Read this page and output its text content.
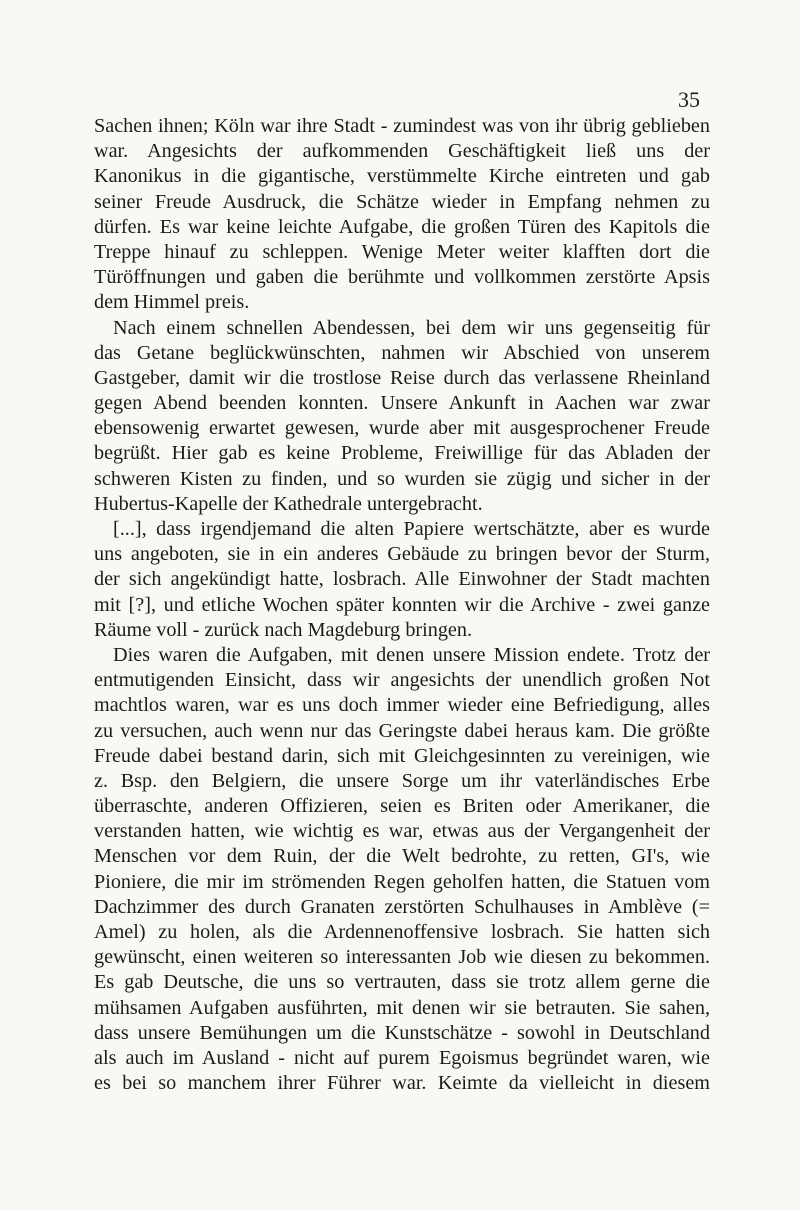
35

Sachen ihnen; Köln war ihre Stadt - zumindest was von ihr übrig geblieben
war. Angesichts der aufkommenden Geschäftigkeit ließ uns der
Kanonikus in die gigantische, verstümmelte Kirche eintreten und gab
seiner Freude Ausdruck, die Schätze wieder in Empfang nehmen zu
dürfen. Es war keine leichte Aufgabe, die großen Türen des Kapitols die
Treppe hinauf zu schleppen. Wenige Meter weiter klafften dort die
Türöffnungen und gaben die berühmte und vollkommen zerstörte Apsis
dem Himmel preis.
Nach einem schnellen Abendessen, bei dem wir uns gegenseitig für
das Getane beglückwünschten, nahmen wir Abschied von unserem
Gastgeber, damit wir die trostlose Reise durch das verlassene Rheinland
gegen Abend beenden konnten. Unsere Ankunft in Aachen war zwar
ebensowenig erwartet gewesen, wurde aber mit ausgesprochener Freude
begrüßt. Hier gab es keine Probleme, Freiwillige für das Abladen der
schweren Kisten zu finden, und so wurden sie zügig und sicher in der
Hubertus-Kapelle der Kathedrale untergebracht.
[...], dass irgendjemand die alten Papiere wertschätzte, aber es wurde
uns angeboten, sie in ein anderes Gebäude zu bringen bevor der Sturm,
der sich angekündigt hatte, losbrach. Alle Einwohner der Stadt machten
mit [?], und etliche Wochen später konnten wir die Archive - zwei ganze
Räume voll - zurück nach Magdeburg bringen.
Dies waren die Aufgaben, mit denen unsere Mission endete. Trotz der
entmutigenden Einsicht, dass wir angesichts der unendlich großen Not
machtlos waren, war es uns doch immer wieder eine Befriedigung, alles
zu versuchen, auch wenn nur das Geringste dabei heraus kam. Die größte
Freude dabei bestand darin, sich mit Gleichgesinnten zu vereinigen, wie
z. Bsp. den Belgiern, die unsere Sorge um ihr vaterländisches Erbe
überraschte, anderen Offizieren, seien es Briten oder Amerikaner, die
verstanden hatten, wie wichtig es war, etwas aus der Vergangenheit der
Menschen vor dem Ruin, der die Welt bedrohte, zu retten, GI's, wie
Pioniere, die mir im strömenden Regen geholfen hatten, die Statuen vom
Dachzimmer des durch Granaten zerstörten Schulhauses in Amblève (=
Amel) zu holen, als die Ardennenoffensive losbrach. Sie hatten sich
gewünscht, einen weiteren so interessanten Job wie diesen zu bekommen.
Es gab Deutsche, die uns so vertrauten, dass sie trotz allem gerne die
mühsamen Aufgaben ausführten, mit denen wir sie betrauten. Sie sahen,
dass unsere Bemühungen um die Kunstschätze - sowohl in Deutschland
als auch im Ausland - nicht auf purem Egoismus begründet waren, wie
es bei so manchem ihrer Führer war. Keimte da vielleicht in diesem
